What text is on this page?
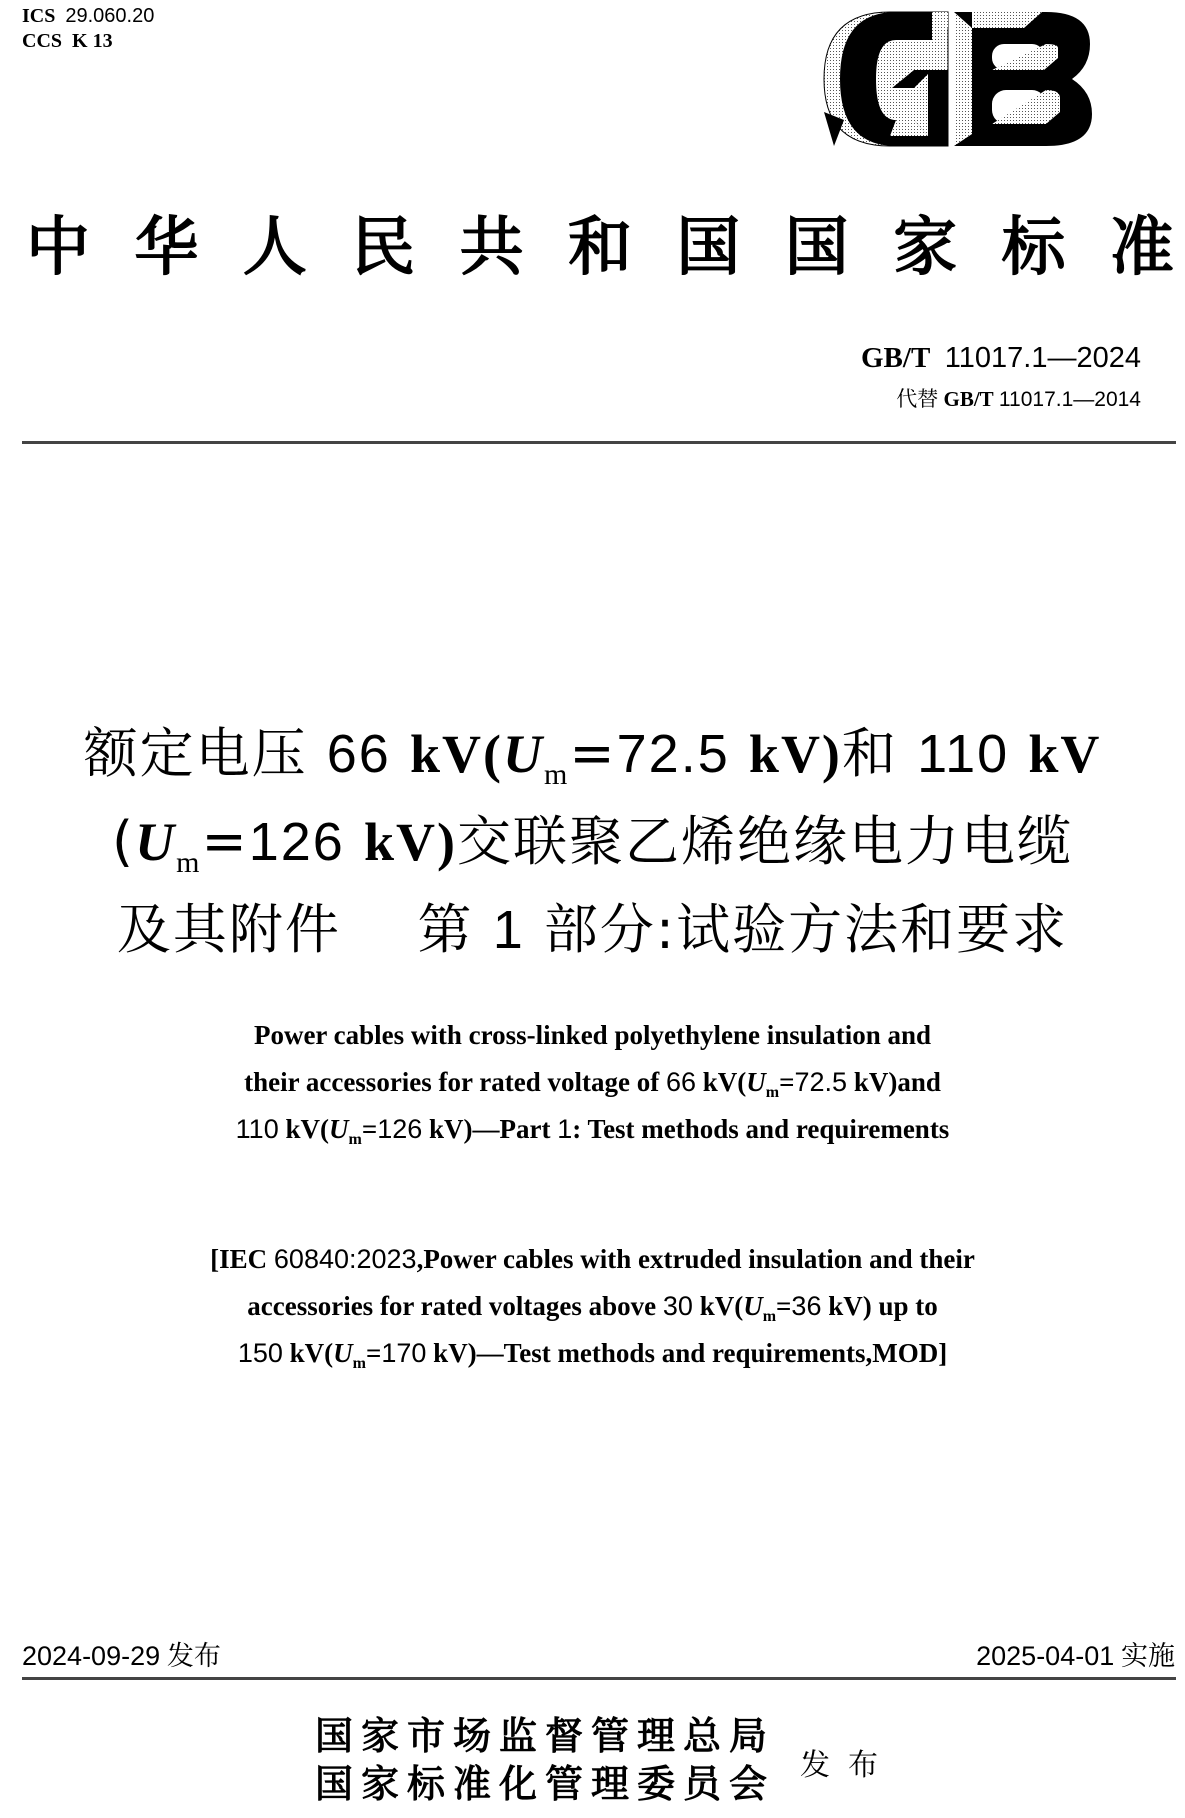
ICS 29.060.20
CCS K 13
中 华 人 民 共 和 国 国 家 标 准
GB/T 11017.1—2024
代替 GB/T 11017.1—2014
额定电压 66 $kV(U_m=72.5$ kV)和 110 kV
($U_m=126$ kV)交联聚乙烯绝缘电力电缆
及其附件 第 1 部分:试验方法和要求
Power cables with cross-linked polyethylene insulation and
their accessories for rated voltage of 66 $kV(U_m=72.5$ kV)and
110 $kV(U_m=126$ kV)—Part 1: Test methods and requirements
[IEC 60840:2023,Power cables with extruded insulation and their
accessories for rated voltages above 30 $kV(U_m=36$ kV) up to
150 $kV(U_m=170$ kV)—Test methods and requirements,MOD]
2024-09-29 发布	2025-04-01 实施
国家市场监督管理总局
国家标准化管理委员会 发布
